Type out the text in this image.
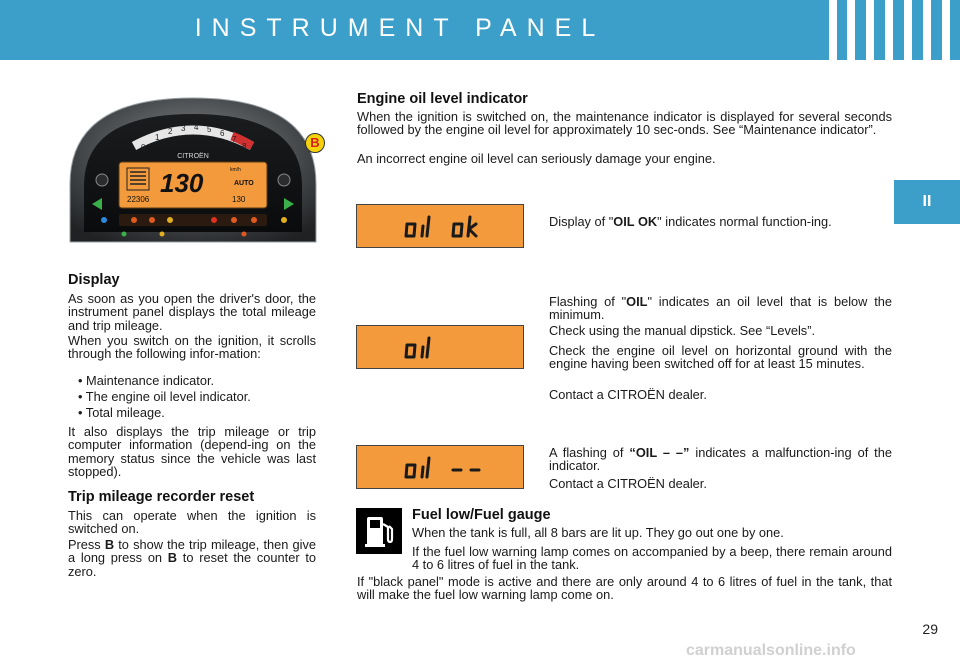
INSTRUMENT PANEL
II
0
1
2 3 4 5 6
7
8
CITROËN
130	km/h
AUTO
22306	130
B
Display

As soon as you open the driver's door, the instrument panel displays the total mileage and trip mileage.

When you switch on the ignition, it scrolls through the following infor-mation:

• Maintenance indicator.
• The engine oil level indicator.
• Total mileage.

It also displays the trip mileage or trip computer information (depend-ing on the memory status since the vehicle was last stopped).

Trip mileage recorder reset

This can operate when the ignition is switched on.

Press B to show the trip mileage, then give a long press on B to reset the counter to zero.

Engine oil level indicator

When the ignition is switched on, the maintenance indicator is displayed for several seconds followed by the engine oil level for approximately 10 sec-onds. See “Maintenance indicator”.

An incorrect engine oil level can seriously damage your engine.

Display of "OIL OK" indicates normal function-ing.

Flashing of "OIL" indicates an oil level that is below the minimum.

Check using the manual dipstick. See “Levels”.

Check the engine oil level on horizontal ground with the engine having been switched off for at least 15 minutes.

Contact a CITROËN dealer.

A flashing of “OIL – –” indicates a malfunction-ing of the indicator.

Contact a CITROËN dealer.

Fuel low/Fuel gauge

When the tank is full, all 8 bars are lit up. They go out one by one.

If the fuel low warning lamp comes on accompanied by a beep, there remain around 4 to 6 litres of fuel in the tank.

If "black panel" mode is active and there are only around 4 to 6 litres of fuel in the tank, that will make the fuel low warning lamp come on.

29
carmanualsonline.info
